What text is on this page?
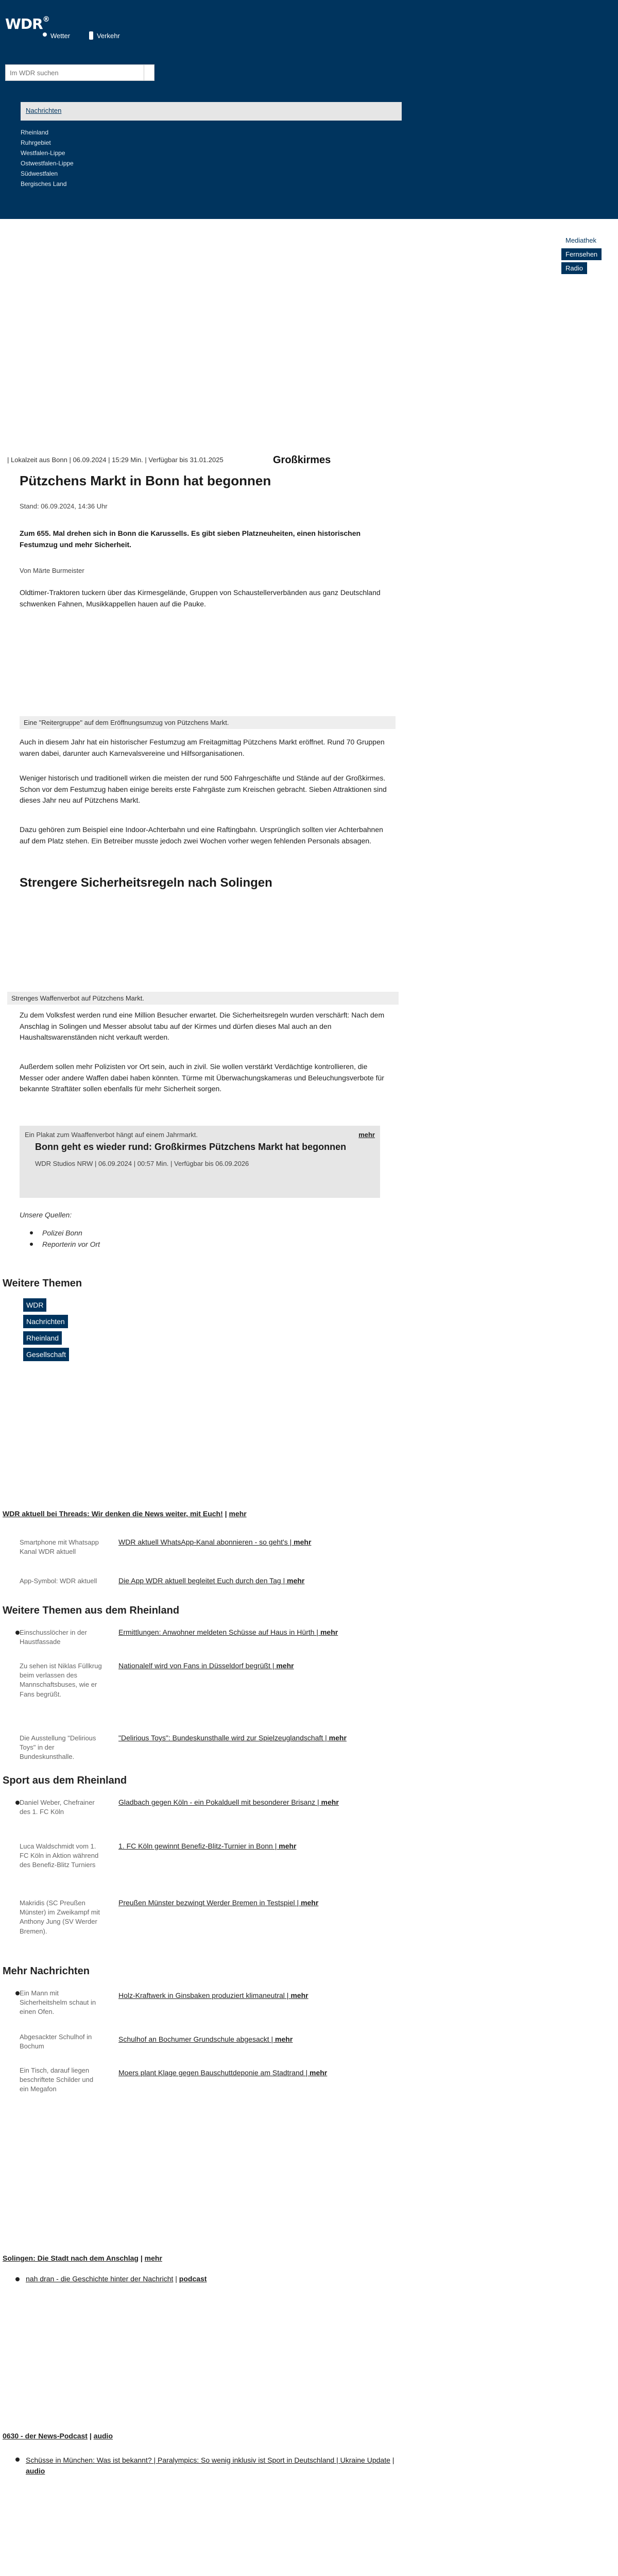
WDR®
Wetter	Verkehr
Im WDR suchen
Nachrichten
Rheinland
Ruhrgebiet
Westfalen-Lippe
Ostwestfalen-Lippe
Südwestfalen
Bergisches Land
Mediathek
Fernsehen
Radio
| Lokalzeit aus Bonn | 06.09.2024 | 15:29 Min. | Verfügbar bis 31.01.2025	Großkirmes
Pützchens Markt in Bonn hat begonnen
Stand: 06.09.2024, 14:36 Uhr

Zum 655. Mal drehen sich in Bonn die Karussells. Es gibt sieben Platzneuheiten, einen historischen Festumzug und mehr Sicherheit.

Von Märte Burmeister

Oldtimer-Traktoren tuckern über das Kirmesgelände, Gruppen von Schaustellerverbänden aus ganz Deutschland schwenken Fahnen, Musikkappellen hauen auf die Pauke.

Eine "Reitergruppe" auf dem Eröffnungsumzug von Pützchens Markt.

Auch in diesem Jahr hat ein historischer Festumzug am Freitagmittag Pützchens Markt eröffnet. Rund 70 Gruppen waren dabei, darunter auch Karnevalsvereine und Hilfsorganisationen.

Weniger historisch und traditionell wirken die meisten der rund 500 Fahrgeschäfte und Stände auf der Großkirmes. Schon vor dem Festumzug haben einige bereits erste Fahrgäste zum Kreischen gebracht. Sieben Attraktionen sind dieses Jahr neu auf Pützchens Markt.

Dazu gehören zum Beispiel eine Indoor-Achterbahn und eine Raftingbahn. Ursprünglich sollten vier Achterbahnen auf dem Platz stehen. Ein Betreiber musste jedoch zwei Wochen vorher wegen fehlenden Personals absagen.

Strengere Sicherheitsregeln nach Solingen
Strenges Waffenverbot auf Pützchens Markt.

Zu dem Volksfest werden rund eine Million Besucher erwartet. Die Sicherheitsregeln wurden verschärft: Nach dem Anschlag in Solingen und Messer absolut tabu auf der Kirmes und dürfen dieses Mal auch an den Haushaltswarenständen nicht verkauft werden.

Außerdem sollen mehr Polizisten vor Ort sein, auch in zivil. Sie wollen verstärkt Verdächtige kontrollieren, die Messer oder andere Waffen dabei haben könnten. Türme mit Überwachungskameras und Beleuchungsverbote für bekannte Straftäter sollen ebenfalls für mehr Sicherheit sorgen.

Ein Plakat zum Waaffenverbot hängt auf einem Jahrmarkt.	mehr
Bonn geht es wieder rund: Großkirmes Pützchens Markt hat begonnen
WDR Studios NRW | 06.09.2024 | 00:57 Min. | Verfügbar bis 06.09.2026
Unsere Quellen:
Polizei Bonn
Reporterin vor Ort
Weitere Themen
WDR
Nachrichten
Rheinland
Gesellschaft
WDR aktuell bei Threads: Wir denken die News weiter, mit Euch! | mehr
Smartphone mit Whatsapp Kanal WDR aktuell
WDR aktuell WhatsApp-Kanal abonnieren - so geht's | mehr
App-Symbol: WDR aktuell	Die App WDR aktuell begleitet Euch durch den Tag | mehr
Weitere Themen aus dem Rheinland
Einschusslöcher in der Haustfassade
Ermittlungen: Anwohner meldeten Schüsse auf Haus in Hürth | mehr
Zu sehen ist Niklas Füllkrug beim verlassen des Mannschaftsbuses, wie er Fans begrüßt.
Nationalelf wird von Fans in Düsseldorf begrüßt | mehr
Die Ausstellung "Delirious Toys" in der Bundeskunsthalle.
"Delirious Toys": Bundeskunsthalle wird zur Spielzeuglandschaft | mehr
Sport aus dem Rheinland
Daniel Weber, Chefrainer des 1. FC Köln
Gladbach gegen Köln - ein Pokalduell mit besonderer Brisanz | mehr
Luca Waldschmidt vom 1. FC Köln in Aktion während des Benefiz-Blitz Turniers
1. FC Köln gewinnt Benefiz-Blitz-Turnier in Bonn | mehr
Makridis (SC Preußen Münster) im Zweikampf mit Anthony Jung (SV Werder Bremen).
Preußen Münster bezwingt Werder Bremen in Testspiel | mehr
Mehr Nachrichten
Ein Mann mit Sicherheitshelm schaut in einen Ofen.
Holz-Kraftwerk in Ginsbaken produziert klimaneutral | mehr
Abgesackter Schulhof in Bochum
Schulhof an Bochumer Grundschule abgesackt | mehr
Ein Tisch, darauf liegen beschriftete Schilder und ein Megafon
Moers plant Klage gegen Bauschuttdeponie am Stadtrand | mehr
Solingen: Die Stadt nach dem Anschlag | mehr
nah dran - die Geschichte hinter der Nachricht | podcast
0630 - der News-Podcast | audio
Schüsse in München: Was ist bekannt? | Paralympics: So wenig inklusiv ist Sport in Deutschland | Ukraine Update | audio
